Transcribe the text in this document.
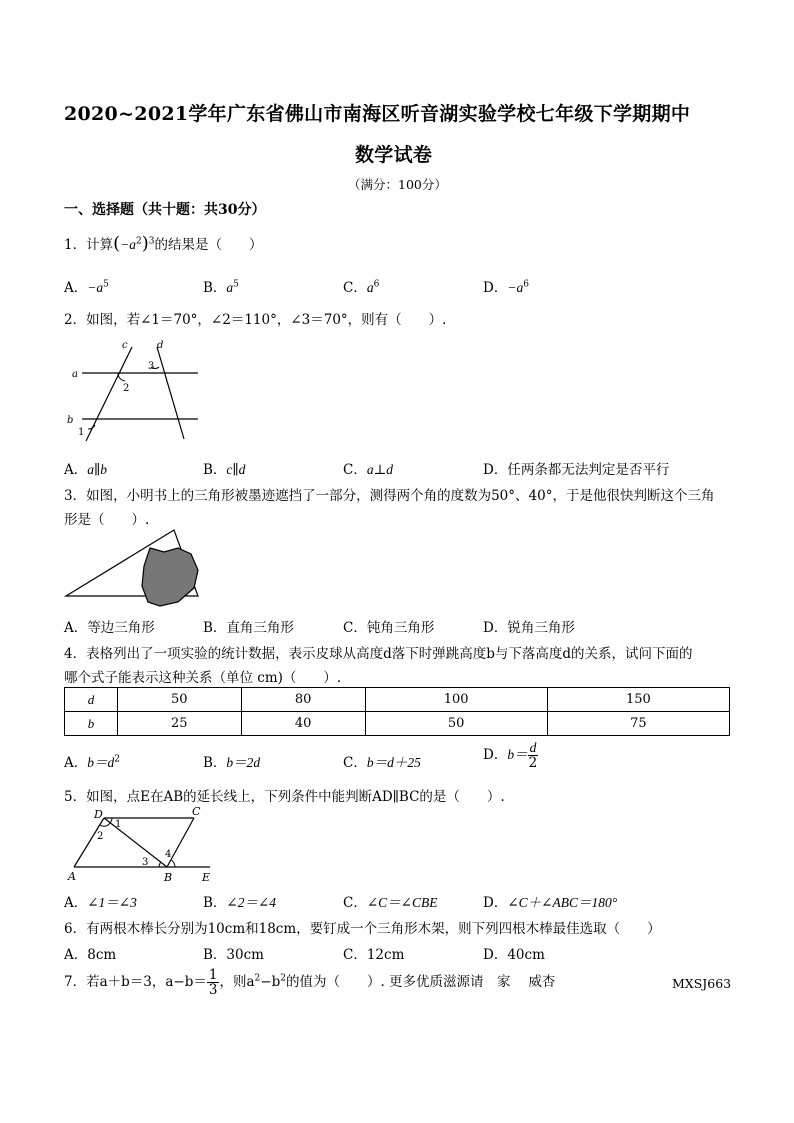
2020~2021学年广东省佛山市南海区听音湖实验学校七年级下学期期中
数学试卷
（满分：100分）
一、选择题（共十题：共30分）
1．计算$(-a^2)^3$的结果是（　　）
A．$-a^5$	B．$a^5$	C．$a^6$	D．$-a^6$
2．如图，若∠1＝70°，∠2＝110°，∠3＝70°，则有（　　）.
a
b
c	d
2
3
1
A．a∥b	B．c∥d	C．a⊥d	D．任两条都无法判定是否平行
3．如图，小明书上的三角形被墨迹遮挡了一部分，测得两个角的度数为50°、40°，于是他很快判断这个三角
形是（　　）.
A．等边三角形	B．直角三角形	C．钝角三角形	D．锐角三角形
4．表格列出了一项实验的统计数据，表示皮球从高度d落下时弹跳高度b与下落高度d的关系，试问下面的
哪个式子能表示这种关系（单位 cm)（　　）.
d	50	80	100	150
b	25	40	50	75
A．$b=d^2$	B．b＝2d	C．b＝d＋25	D．$b= \frac{d}{2}$
5．如图，点E在AB的延长线上，下列条件中能判断AD∥BC的是（　　）.
D	C
A	B	E
1
2
3
4
A．∠1＝∠3	B．∠2＝∠4	C．∠C＝∠CBE	D．∠C＋∠ABC＝180°
6．有两根木棒长分别为10cm和18cm，要钉成一个三角形木架，则下列四根木棒最佳选取（　　）
A．8cm	B．30cm	C．12cm	D．40cm
7．若a＋b＝3，$a-b= \frac{1}{3}$ ，则$a^2-b^2$的值为（　　）. 更多优质滋源请　家　 威杏	MXSJ663
